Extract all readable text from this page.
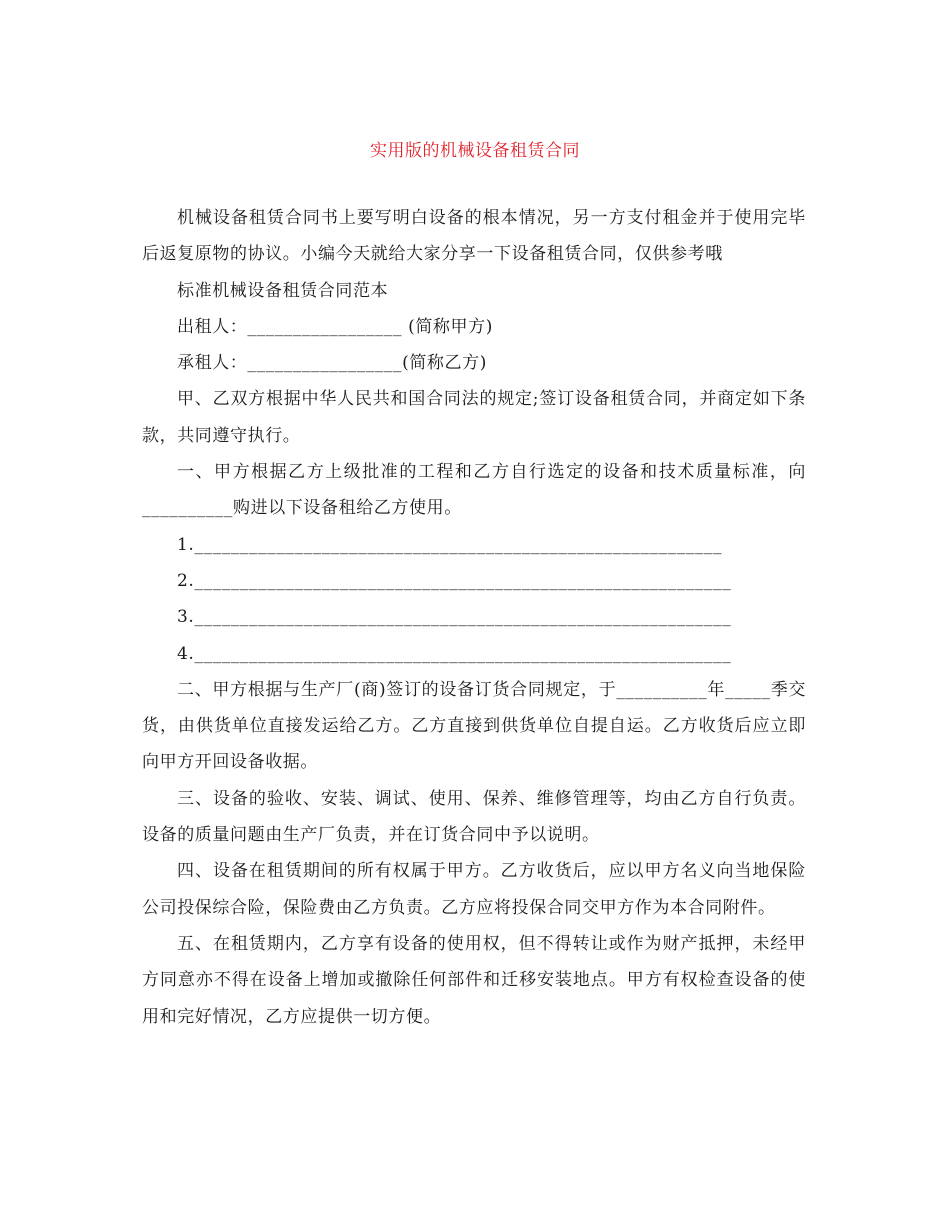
实用版的机械设备租赁合同

机械设备租赁合同书上要写明白设备的根本情况，另一方支付租金并于使用完毕后返复原物的协议。小编今天就给大家分享一下设备租赁合同，仅供参考哦

标准机械设备租赁合同范本

出租人：_________________ (简称甲方)

承租人：_________________(简称乙方)

甲、乙双方根据中华人民共和国合同法的规定;签订设备租赁合同，并商定如下条款，共同遵守执行。

一、甲方根据乙方上级批准的工程和乙方自行选定的设备和技术质量标准，向__________购进以下设备租给乙方使用。

1.__________________________________________________________

2.___________________________________________________________

3.___________________________________________________________

4.___________________________________________________________

二、甲方根据与生产厂(商)签订的设备订货合同规定，于__________年_____季交货，由供货单位直接发运给乙方。乙方直接到供货单位自提自运。乙方收货后应立即向甲方开回设备收据。

三、设备的验收、安装、调试、使用、保养、维修管理等，均由乙方自行负责。设备的质量问题由生产厂负责，并在订货合同中予以说明。

四、设备在租赁期间的所有权属于甲方。乙方收货后，应以甲方名义向当地保险公司投保综合险，保险费由乙方负责。乙方应将投保合同交甲方作为本合同附件。

五、在租赁期内，乙方享有设备的使用权，但不得转让或作为财产抵押，未经甲方同意亦不得在设备上增加或撤除任何部件和迁移安装地点。甲方有权检查设备的使用和完好情况，乙方应提供一切方便。
